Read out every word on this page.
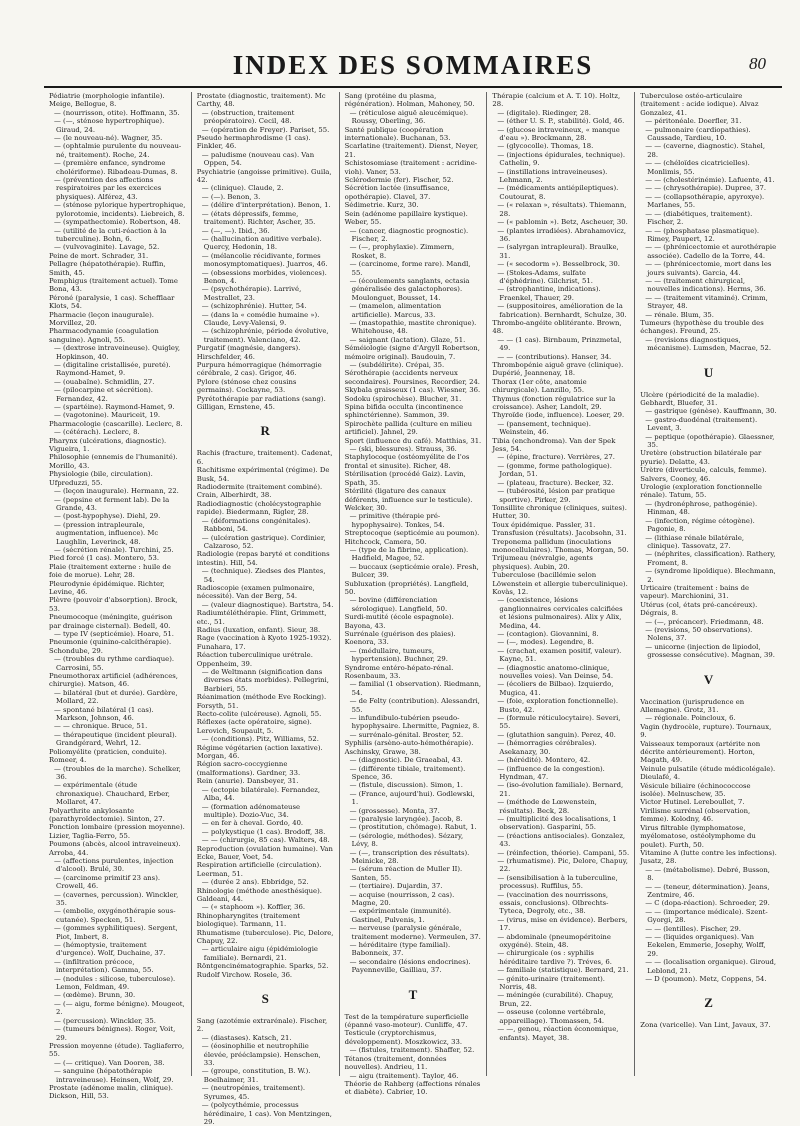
INDEX DES SOMMAIRES	80
Pédiatrie (morphologie infantile). Meige, Bellogue, 8.
— (nourrisson, otite). Hoffmann, 35.
— (—, sténose hypertrophique). Giraud, 24.
— (le nouveau-né). Wagner, 35.
— (ophtalmie purulente du nouveau-né, traitement). Roche, 24.
— (première enfance, syndrome cholériforme). Ribadeau-Dumas, 8.
— (prévention des affections respiratoires par les exercices physiques). Alférez, 43.
— (sténose pylorique hypertrophique, pylorotomie, incidents). Liebreich, 8.
— (sympathectomie). Robertson, 48.
— (utilité de la cuti-réaction à la tuberculine). Bohn, 6.
— (vulvovaginite). Lavage, 52.
Peine de mort. Schrader, 31.
Pellagre (hépatothérapie). Ruffin, Smith, 45.
Pemphigus (traitement actuel). Tome Bona, 43.
Péroné (paralysie, 1 cas). Schefflaar Klots, 54.
Pharmacie (leçon inaugurale). Morvillez, 20.
Pharmacodynamie (coagulation sanguine). Agnoli, 55.
— (dextrose intraveineuse). Quigley, Hopkinson, 40.
— (digitaline cristallisée, pureté). Raymond-Hamet, 9.
— (ouabaïne). Schmidlin, 27.
— (pilocarpine et sécrétion). Fernandez, 42.
— (spartéine). Raymond-Hamet, 9.
— (vagotonine). Mauriceit, 19.
Pharmacologie (cascarille). Leclerc, 8.
— (cétérach). Leclerc, 8.
Pharynx (ulcérations, diagnostic). Vigueira, 1.
Philosophie (ennemis de l'humanité). Morillo, 43.
Physiologie (bile, circulation). Ufpreduzzi, 55.
— (leçon inaugurale). Hermann, 22.
— (pepsine et ferment lab). De la Grande, 43.
— (post-hypophyse). Diehl, 29.
— (pression intrapleurale, augmentation, influence). Mc Laughlin, Leverinck, 48.
— (sécrétion rénale). Turchini, 25.
Pied forcé (1 cas). Montero, 53.
Plaie (traitement externe : huile de foie de morue). Lehr, 28.
Pleurodynie épidémique. Richter, Levine, 46.
Plèvre (pouvoir d'absorption). Brock, 53.
Pneumocoque (méningite, guérison par drainage cisternal). Bedell, 40.
— type IV (septicémie). Hoare, 51.
Pneumonie (quinino-calcithérapie). Schondube, 29.
— (troubles du rythme cardiaque). Carrosini, 55.
Pneumothorax artificiel (adhérences, chirurgie). Matson, 46.
— bilatéral (but et durée). Gardère, Mollard, 22.
— spontané bilatéral (1 cas). Markson, Johnson, 46.
— — chronique. Bruce, 51.
— thérapeutique (incident pleural). Grandgérard, Wehrl, 12.
Poliomyélite (praticien, conduite). Romeer, 4.
— (troubles de la marche). Schelker, 36.
— expérimentale (étude chronaxique). Chauchard, Erber, Mollaret, 47.
Polyarthrite ankylosante (parathyroïdectomie). Sinton, 27.
Ponction lombaire (pression moyenne). Lizier, Taglia-Ferro, 55.
Poumons (abcès, alcool intraveineux). Arroba, 44.
— (affections purulentes, injection d'alcool). Brulé, 30.
— (carcinome primitif 23 ans). Crowell, 46.
— (cavernes, percussion). Winckler, 35.
— (embolie, oxygénothérapie sous-cutanée). Specken, 51.
— (gommes syphilitiques). Sergent, Piot, Imbert, 8.
— (hémoptysie, traitement d'urgence). Wolf, Duchaine, 37.
— (infiltration précoce, interprétation). Gamma, 55.
— (nodules : silicose, tuberculose). Lemon, Feldman, 49.
— (œdème). Brunn, 30.
— (— aigu, forme bénigne). Mougeot, 2.
— (percussion). Winckler, 35.
— (tumeurs bénignes). Roger, Voit, 29.
Pression moyenne (étude). Tagliaferro, 55.
— (— critique). Van Dooren, 38.
— sanguine (hépatothérapie intraveineuse). Heinsen, Wolf, 29.
Prostate (adénome malin, clinique). Dickson, Hill, 53.
Prostate (diagnostic, traitement). Mc Carthy, 48.
— (obstruction, traitement préopératoire). Cecil, 48.
— (opération de Freyer). Pariset, 55.
Pseudo hermaphrodisme (1 cas). Finkler, 46.
— paludisme (nouveau cas). Van Oppen, 54.
Psychiatrie (angoisse primitive). Guila, 42.
— (clinique). Claude, 2.
— (—). Benon, 3.
— (délire d'interprétation). Benon, 1.
— (états dépressifs, femme, traitement). Richter, Ascher, 35.
— (—, —). Ibid., 36.
— (hallucination auditive verbale). Quercy, Hedonin, 18.
— (mélancolie récidivante, formes monosymptomatiques). Juarros, 46.
— (obsessions morbides, violences). Benon, 4.
— (psychothérapie). Larrivé, Mestrallet, 23.
— (schizophrénie). Hutter, 54.
— (dans la « comédie humaine »). Claude, Levy-Valensi, 9.
— (schizophrénie, période évolutive, traitement). Valenciano, 42.
Purgatif (magnésie, dangers). Hirschfelder, 46.
Purpura hémorragique (hémorragie cérébrale, 2 cas). Grigor, 46.
Pylore (sténose chez cousins germains). Cockayne, 53.
Pyrétothérapie par radiations (sang). Gilligan, Ernstene, 45.
R
Rachis (fracture, traitement). Cadenat, 6.
Rachitisme expérimental (régime). De Busk, 54.
Radiodermite (traitement combiné). Crain, Alberhirdt, 38.
Radiodiagnostic (cholécystographie rapide). Biedermann, Rigler, 28.
— (déformations congénitales). Rabboni, 54.
— (ulcération gastrique). Cordinier, Calzaroso, 52.
Radiologie (repas baryté et conditions intestin). Hill, 54.
— (technique). Ziedses des Plantes, 54.
Radioscopie (examen pulmonaire, nécessité). Van der Berg, 54.
— (valeur diagnostique). Bartstra, 54.
Radiumtéléthérapie. Flint, Grimmett, etc., 51.
Radius (luxation, enfant). Sieur, 38.
Rage (vaccination à Kyoto 1925-1932). Funahara, 17.
Réaction tuberculinique urétrale. Oppenheim, 39.
— de Weltmann (signification dans diverses états morbides). Pellegrini, Barbieri, 55.
Réanimation (méthode Eve Rocking). Forsyth, 51.
Recto-colite (ulcéreuse). Agnoli, 55.
Réflexes (acte opératoire, signe). Lerovich, Soupault, 5.
— (conditions). Pitz, Williams, 52.
Régime végétarien (action laxative). Morgan, 46.
Région sacro-coccygienne (malformations). Gardner, 33.
Rein (anurie). Dansbeyer, 31.
— (ectopie bilatérale). Fernandez, Alba, 44.
— (formation adénomateuse multiple). Dozio-Vuc, 34.
— en fer à cheval. Gordo, 40.
— polykystique (1 cas). Brodoff, 38.
— — (chirurgie, 85 cas). Walters, 48.
Reproduction (ovulation humaine). Van Ecke, Bauer, Voet, 54.
Respiration artificielle (circulation). Leerman, 51.
— (durée 2 ans). Ebbridge, 52.
Rhinologie (méthode anesthésique). Galdeani, 44.
— (« staphoom »). Koffler, 36.
Rhinopharyngites (traitement biologique). Tarmann, 11.
Rhumatisme (tuberculose). Pic, Delore, Chapuy, 22.
— articulaire aigu (épidémiologie familiale). Bernardi, 21.
Röntgencinématographie. Sparks, 52.
Rudolf Virchow. Rosele, 36.
S
Sang (azotémie extrarénale). Fischer, 2.
— (diastases). Katsch, 21.
— (éosinophilie et neutrophilie élevée, prééclampsie). Henschen, 33.
— (groupe, constitution, B. W.). Boelhaimer, 31.
— (neutropénies, traitement). Syrumes, 45.
— (polycythémie, processus hérédinaire, 1 cas). Von Mentzingen, 29.
Sang (protéine du plasma, régénération). Holman, Mahoney, 50.
— (réticulose aiguë aleucémique). Roussy, Oberling, 36.
Santé publique (coopération internationale). Buchanan, 53.
Scarlatine (traitement). Dienst, Neyer, 21.
Schistosomiase (traitement : acridine-vioh). Vaner, 53.
Sclérodermie (fer). Fischer, 52.
Sécrétion lactée (insuffisance, opothérapie). Clavel, 37.
Sédimetrie. Kurz, 30.
Sein (adénome papillaire kystique). Weber, 55.
— (cancer, diagnostic prognostic). Fischer, 2.
— (—, prophylaxie). Zimmern, Rosket, 8.
— (carcinome, forme rare). Mandl, 55.
— (écoulements sanglants, ectasia généralisée des galactophores). Moulonguet, Bousset, 14.
— (mamelon, alimentation artificielle). Marcus, 33.
— (mastopathie, mastite chronique). Whitehouse, 48.
— saignant (lactation). Glaze, 51.
Séméiologie (signe d'Argyll Robertson, mémoire original). Baudouin, 7.
— (subdélirite). Crépai, 35.
Sérothérapie (accidents nerveux secondaires). Poursines, Recordier, 24.
Skybala graisseux (1 cas). Wiesner, 36.
Sodoku (spirochèse). Blucher, 31.
Spina bifida occulta (incontinence sphinctérienne). Sammon, 39.
Spirochète pallida (culture en milieu artificiel). Jahnel, 29.
Sport (influence du café). Matthias, 31.
— (ski, blessures). Strauss, 36.
Staphylocoque (ostéomyélite de l'os frontal et sinusite). Richer, 48.
Stérilisation (procédé Gaiz). Lavin, Spath, 35.
Stérilité (ligature des canaux déférents, influence sur le testicule). Welcker, 30.
— primitive (thérapie pré-hypophysaire). Tonkes, 54.
Streptocoque (septicémie au poumon). Hitchcock, Camera, 50.
— (type de la fibrine, application). Hadfield, Magee, 52.
— buccaux (septicémie orale). Fresh, Bulcer, 39.
Subluxation (propriétés). Langfield, 50.
— bovine (différenciation sérologique). Langfield, 50.
Surdi-mutité (école espagnole). Bayona, 43.
Surrénale (guérison des plaies). Koenora, 33.
— (médullaire, tumeurs, hypertension). Buchner, 29.
Syndrome entéro-hépato-rénal. Rosenbaum, 33.
— familial (1 observation). Riedmann, 54.
— de Felty (contribution). Alessandri, 55.
— infundibulo-tubérien pseudo-hypophysaire. Lhermitte, Pagniez, 8.
— surrénalo-génital. Broster, 52.
Syphilis (arsèno-auto-hémothérapie). Aschinsky, Grawe, 38.
— (diagnostic). De Graeabal, 43.
— (différente tibiale, traitement). Spence, 36.
— (fistule, discussion). Simon, 1.
— (France, aujourd'hui). Godlewski, 1.
— (grossesse). Monta, 37.
— (paralysie laryngée). Jacob, 8.
— (prostitution, chômage). Rabut, 1.
— (sérologie, méthodes). Sézary, Lévy, 8.
— (—, transcription des résultats). Meinicke, 28.
— (sérum réaction de Muller II). Santen, 55.
— (tertiaire). Dujardin, 37.
— acquise (nourrisson, 2 cas). Magne, 20.
— expérimentale (immunité). Gastinel, Pulvenis, 1.
— nerveuse (paralysie générale, traitement moderne). Vermeulen, 37.
— héréditaire (type familial). Babonneix, 37.
— secondaire (lésions endocrines). Payenneville, Gailliau, 37.
T
Test de la température superficielle (épanné vaso-moteur). Cunliffe, 47.
Testicule (cryptorchismus, développement). Moszkowicz, 33.
— (fistules, traitement). Shaffer, 52.
Tétanos (traitement, données nouvelles). Andrieu, 11.
— aigu (traitement). Taylor, 46.
Théorie de Rahberg (affections rénales et diabète). Cabrier, 10.
Thérapie (calcium et A. T. 10). Holtz, 28.
— (digitale). Riedinger, 28.
— (éther U. S. P., stabilité). Gold, 46.
— (glucose intraveineux, « manque d'eau »). Brockmann, 28.
— (glycocolle). Thomas, 18.
— (injections épidurales, technique). Cathelin, 9.
— (instillations intraveineuses). Lehmann, 2.
— (médicaments antiépileptiques). Coutourat, 8.
— (« relaxan », résultats). Thiemann, 28.
— (« pablomin »). Betz, Ascheuer, 30.
— (plantes irradiées). Abrahamovicz, 36.
— (salyrgan intrapleural). Braulke, 31.
— (« secodorm »). Besselbrock, 30.
— (Stokes-Adams, sulfate d'éphédrine). Gilchrist, 51.
— (strophantine, indications). Fraenkel, Thauer, 29.
— (suppositoires, amélioration de la fabrication). Bernhardt, Schulze, 30.
Thrombo-angéite oblitérante. Brown, 48.
— — (1 cas). Birnbaum, Prinzmetal, 49.
— — (contributions). Hanser, 34.
Thrombopénie aiguë grave (clinique). Dupérié, Jeannenay, 18.
Thorax (1er côte, anatomie chirurgicale). Lanzillo, 55.
Thymus (fonction régulatrice sur la croissance). Asher, Landolt, 29.
Thyroïde (iode, influence). Loeser, 29.
— (pansement, technique). Weinstein, 46.
Tibia (enchondroma). Van der Spek Jess, 54.
— (épine, fracture). Verrières, 27.
— (gomme, forme pathologique). Jordan, 51.
— (plateau, fracture). Becker, 32.
— (tubérosité, lésion par pratique sportive). Pirker, 29.
Tonsillite chronique (cliniques, suites). Hutter, 30.
Toux épidémique. Passler, 31.
Transfusion (résultats). Jacobsohn, 31.
Treponema pallidum (inoculations monocellulaires). Thomas, Morgan, 50.
Trijumeau (névralgie, agents physiques). Aubin, 20.
Tuberculose (bacillémie selon Löwenstein et allergie tuberculinique). Kovàs, 12.
— (coexistence, lésions ganglionnaires cervicales calcifiées et lésions pulmonaires). Alix y Alix, Medina, 44.
— (contagion). Giovannini, 8.
— (—, modes). Legendre, 8.
— (crachat, examen positif, valeur). Kayne, 51.
— (diagnostic anatomo-clinique, nouvelles voies). Van Deinse, 54.
— (écoliers de Bilbao). Izquierdo, Mugica, 41.
— (foie, exploration fonctionnelle). Busto, 42.
— (formule réticulocytaire). Severi, 55.
— (glutathion sanguin). Perez, 40.
— (hémorragies cérébrales). Asekanazy, 30.
— (hérédité). Montero, 42.
— (influence de la congestion). Hyndman, 47.
— (iso-évolution familiale). Bernard, 21.
— (méthode de Lœwenstein, résultats). Beck, 28.
— (multiplicité des localisations, 1 observation). Gasparini, 55.
— (réactions antisociales). Gonzalez, 43.
— (réinfection, théorie). Campani, 55.
— (rhumatisme). Pic, Delore, Chapuy, 22.
— (sensibilisation à la tuberculine, processus). Ruffilus, 55.
— (vaccination des nourrissons, essais, conclusions). Olbrechts-Tyteca, Degroly, etc., 38.
— (virus, mise en évidence). Berbers, 17.
— abdominale (pneumopéritoine oxygéné). Stein, 48.
— chirurgicale (os : syphilis héréditaire tardive ?). Tréves, 6.
— familiale (statistique). Bernard, 21.
— génito-urinaire (traitement). Norris, 48.
— méningée (curabilité). Chapuy, Brun, 22.
— osseuse (colonne vertébrale, appareillage). Thomassen, 54.
— —, genou, réaction économique, enfants). Mayet, 38.
Tuberculose ostéo-articulaire (traitement : acide iodique). Alvaz Gonzalez, 41.
— péritonéale. Doerfler, 31.
— pulmonaire (cardiopathies). Caussade, Tardieu, 10.
— — (caverne, diagnostic). Stahel, 28.
— — (chéloïdes cicatricielles). Monlimis, 55.
— — (cholestérinémie). Lafuente, 41.
— — (chrysothérapie). Dupree, 37.
— — (collapsothérapie, apyroxye). Marlanes, 55.
— — (diabétiques, traitement). Fischer, 2.
— — (phosphatase plasmatique). Rimey, Paupert, 12.
— — (phrénicectomie et aurothérapie associée). Cadello de la Torre, 44.
— — (phrénicectomie, mort dans les jours suivants). Garcia, 44.
— — (traitement chirurgical, nouvelles indications). Herms, 36.
— — (traitement vitaminé). Crimm, Strayer, 48.
— rénale. Blum, 35.
Tumeurs (hypothèse du trouble des échanges). Freund, 25.
— (revisions diagnostiques, mécanisme). Lumsden, Macrae, 52.
U
Ulcère (périodicité de la maladie). Gebhardt, Bluefer, 31.
— gastrique (génèse). Kauffmann, 30.
— gastro-duodénal (traitement). Levent, 3.
— peptique (opothérapie). Glaessner, 35.
Uretère (obstruction bilatérale par pyurie). Delatte, 43.
Urètre (diverticule, calculs, femme). Salvers, Cooney, 46.
Urologie (exploration fonctionnelle rénale). Tatum, 55.
— (hydronéphrose, pathogénie). Hinman, 48.
— (infection, régime cétogène). Pagonie, 8.
— (lithiase rénale bilatérale, clinique). Tassovatz, 27.
— (néphrites, classification). Rathery, Froment, 8.
— (syndrome lipoïdique). Blechmann, 2.
Urticaire (traitement : bains de vapeur). Marchionini, 31.
Utérus (col, états pré-cancéreux). Dégrais, 8.
— (—, précancer). Friedmann, 48.
— (revisions, 50 observations). Nolens, 37.
— unicorne (injection de lipiodol, grossesse consécutive). Magnan, 39.
V
Vaccination (jurisprudence en Allemagne). Grotz, 31.
— régionale. Poincloux, 6.
Vagin (hydrocèle, rupture). Tournaux, 9.
Vaisseaux temporaux (artérite non décrite antérieurement). Horton, Magath, 49.
Veinule pulsatile (étude médicolégale). Dieulafé, 4.
Vésicule biliaire (échinococcose isolée). Melnuschew, 35.
Victor Hutinel. Lereboullet, 7.
Virilisme surrénal (observation, femme). Kolodny, 46.
Virus filtrable (lymphomatose, myélomatose, ostéolymphome du poulet). Furth, 50.
Vitamine A (lutte contre les infections). Jusatz, 28.
— — (métabolisme). Debré, Busson, 8.
— — (teneur, détermination). Jeans, Zentmire, 46.
— C (dopa-réaction). Schroeder, 29.
— — (importance médicale). Szent-Gyorgi, 28.
— — (lentilles). Fischer, 29.
— — (liquides organiques). Van Eekelen, Emmerie, Josephy, Wolff, 29.
— — (localisation organique). Giroud, Leblond, 21.
— D (poumon). Metz, Coppens, 54.
Z
Zona (varicelle). Van Lint, Javaux, 37.
